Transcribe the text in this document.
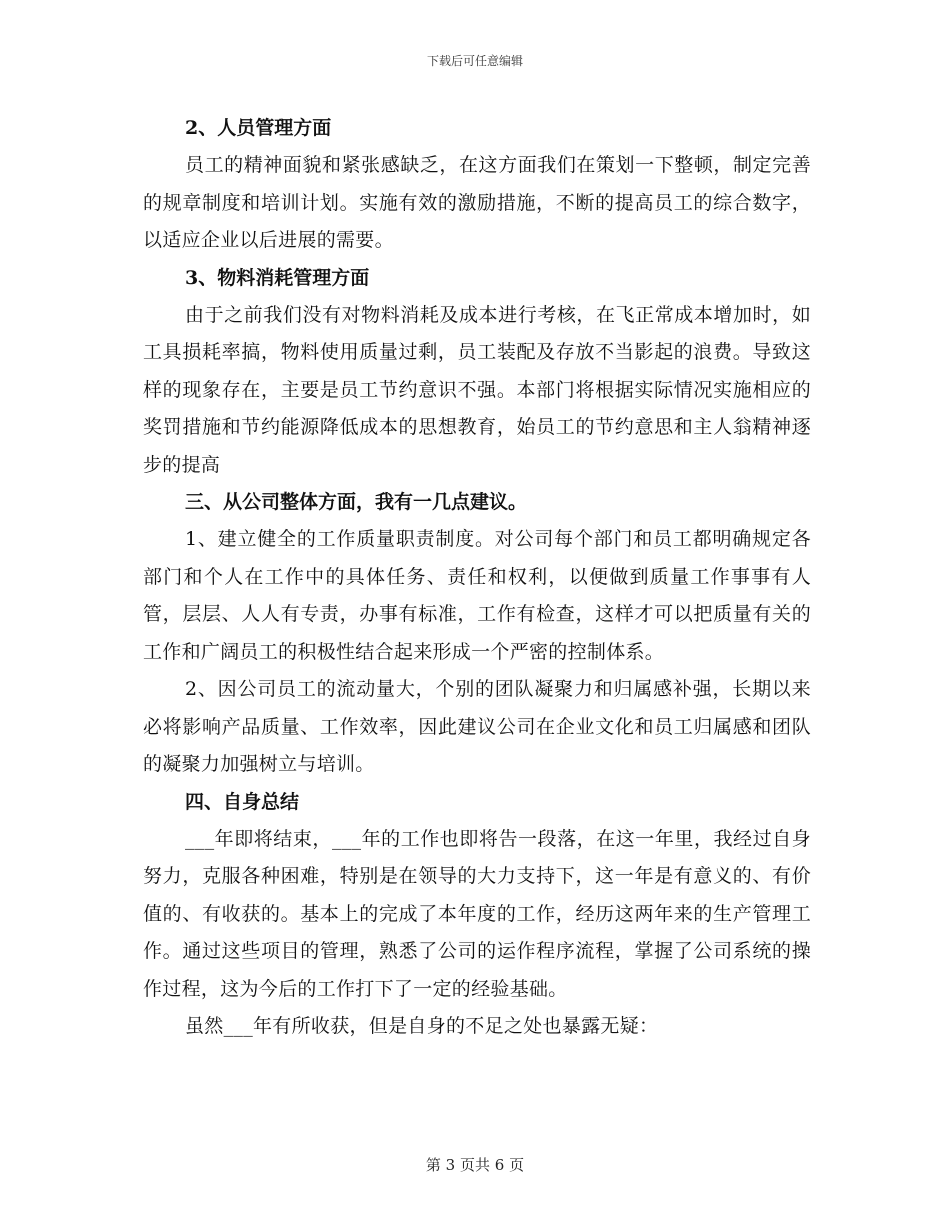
下载后可任意编辑

2、人员管理方面

员工的精神面貌和紧张感缺乏，在这方面我们在策划一下整顿，制定完善的规章制度和培训计划。实施有效的激励措施，不断的提高员工的综合数字，以适应企业以后进展的需要。

3、物料消耗管理方面

由于之前我们没有对物料消耗及成本进行考核，在飞正常成本增加时，如工具损耗率搞，物料使用质量过剩，员工装配及存放不当影起的浪费。导致这样的现象存在，主要是员工节约意识不强。本部门将根据实际情况实施相应的奖罚措施和节约能源降低成本的思想教育，始员工的节约意思和主人翁精神逐步的提高

三、从公司整体方面，我有一几点建议。

1、建立健全的工作质量职责制度。对公司每个部门和员工都明确规定各部门和个人在工作中的具体任务、责任和权利，以便做到质量工作事事有人管，层层、人人有专责，办事有标准，工作有检查，这样才可以把质量有关的工作和广阔员工的积极性结合起来形成一个严密的控制体系。

2、因公司员工的流动量大，个别的团队凝聚力和归属感补强，长期以来必将影响产品质量、工作效率，因此建议公司在企业文化和员工归属感和团队的凝聚力加强树立与培训。

四、自身总结

___年即将结束，___年的工作也即将告一段落，在这一年里，我经过自身努力，克服各种困难，特别是在领导的大力支持下，这一年是有意义的、有价值的、有收获的。基本上的完成了本年度的工作，经历这两年来的生产管理工作。通过这些项目的管理，熟悉了公司的运作程序流程，掌握了公司系统的操作过程，这为今后的工作打下了一定的经验基础。

虽然___年有所收获，但是自身的不足之处也暴露无疑：

第 3 页共 6 页
